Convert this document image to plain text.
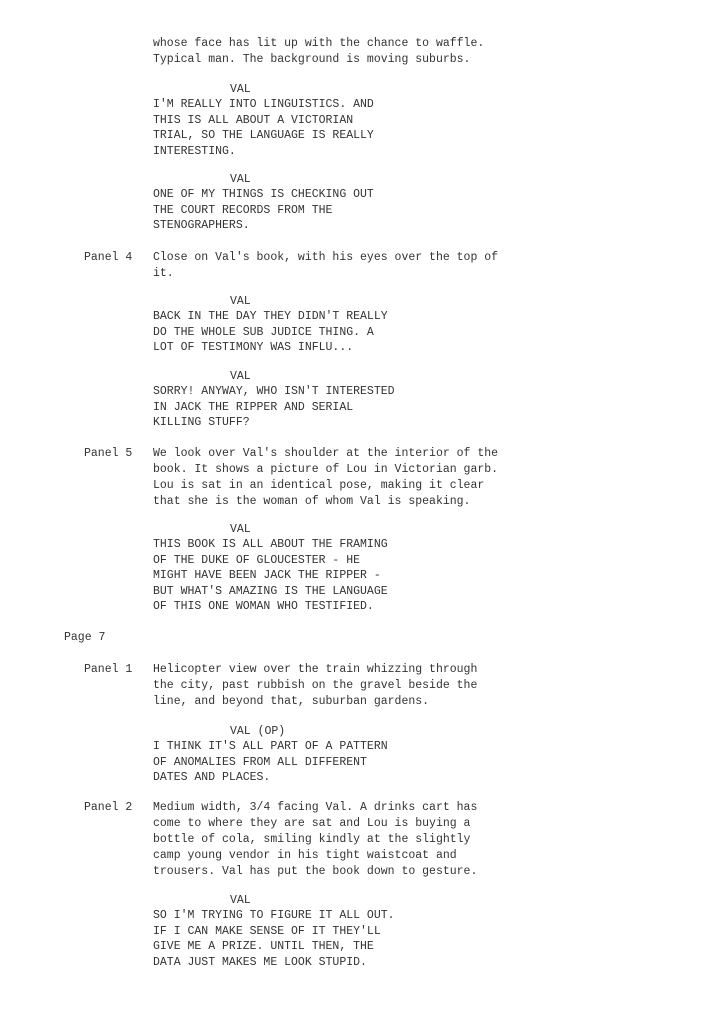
whose face has lit up with the chance to waffle.
Typical man. The background is moving suburbs.
VAL
I'M REALLY INTO LINGUISTICS. AND
THIS IS ALL ABOUT A VICTORIAN
TRIAL, SO THE LANGUAGE IS REALLY
INTERESTING.
VAL
ONE OF MY THINGS IS CHECKING OUT
THE COURT RECORDS FROM THE
STENOGRAPHERS.
Panel 4 Close on Val's book, with his eyes over the top of
it.
VAL
BACK IN THE DAY THEY DIDN'T REALLY
DO THE WHOLE SUB JUDICE THING. A
LOT OF TESTIMONY WAS INFLU...
VAL
SORRY! ANYWAY, WHO ISN'T INTERESTED
IN JACK THE RIPPER AND SERIAL
KILLING STUFF?
Panel 5 We look over Val's shoulder at the interior of the
book. It shows a picture of Lou in Victorian garb.
Lou is sat in an identical pose, making it clear
that she is the woman of whom Val is speaking.
VAL
THIS BOOK IS ALL ABOUT THE FRAMING
OF THE DUKE OF GLOUCESTER - HE
MIGHT HAVE BEEN JACK THE RIPPER -
BUT WHAT'S AMAZING IS THE LANGUAGE
OF THIS ONE WOMAN WHO TESTIFIED.
Page 7
Panel 1 Helicopter view over the train whizzing through
the city, past rubbish on the gravel beside the
line, and beyond that, suburban gardens.
VAL (OP)
I THINK IT'S ALL PART OF A PATTERN
OF ANOMALIES FROM ALL DIFFERENT
DATES AND PLACES.
Panel 2 Medium width, 3/4 facing Val. A drinks cart has
come to where they are sat and Lou is buying a
bottle of cola, smiling kindly at the slightly
camp young vendor in his tight waistcoat and
trousers. Val has put the book down to gesture.
VAL
SO I'M TRYING TO FIGURE IT ALL OUT.
IF I CAN MAKE SENSE OF IT THEY'LL
GIVE ME A PRIZE. UNTIL THEN, THE
DATA JUST MAKES ME LOOK STUPID.
